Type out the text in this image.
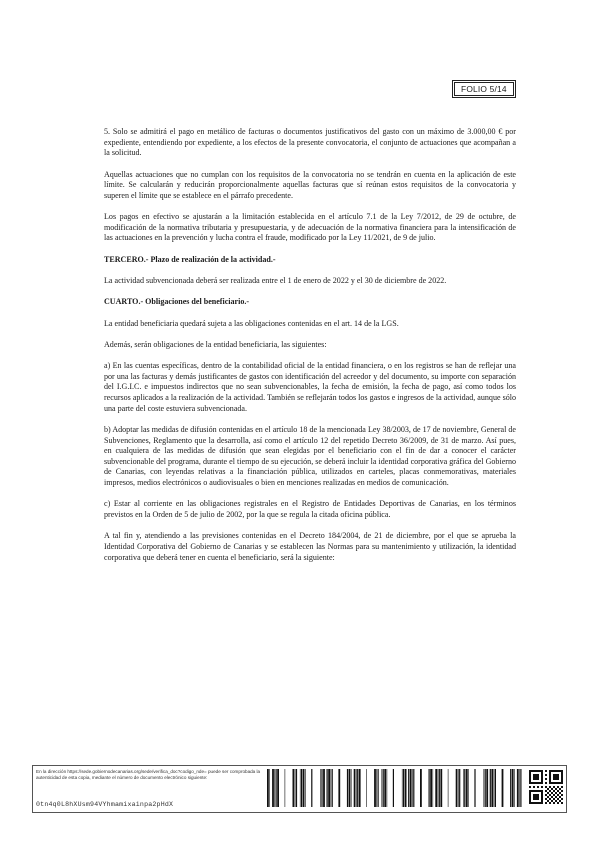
FOLIO 5/14

5. Solo se admitirá el pago en metálico de facturas o documentos justificativos del gasto con un máximo de 3.000,00 € por expediente, entendiendo por expediente, a los efectos de la presente convocatoria, el conjunto de actuaciones que acompañan a la solicitud.

Aquellas actuaciones que no cumplan con los requisitos de la convocatoria no se tendrán en cuenta en la aplicación de este límite. Se calcularán y reducirán proporcionalmente aquellas facturas que sí reúnan estos requisitos de la convocatoria y superen el límite que se establece en el párrafo precedente.

Los pagos en efectivo se ajustarán a la limitación establecida en el artículo 7.1 de la Ley 7/2012, de 29 de octubre, de modificación de la normativa tributaria y presupuestaria, y de adecuación de la normativa financiera para la intensificación de las actuaciones en la prevención y lucha contra el fraude, modificado por la Ley 11/2021, de 9 de julio.

TERCERO.- Plazo de realización de la actividad.-

La actividad subvencionada deberá ser realizada entre el 1 de enero de 2022 y el 30 de diciembre de 2022.

CUARTO.- Obligaciones del beneficiario.-

La entidad beneficiaria quedará sujeta a las obligaciones contenidas en el art. 14 de la LGS.

Además, serán obligaciones de la entidad beneficiaria, las siguientes:

a) En las cuentas específicas, dentro de la contabilidad oficial de la entidad financiera, o en los registros se han de reflejar una por una las facturas y demás justificantes de gastos con identificación del acreedor y del documento, su importe con separación del I.G.I.C. e impuestos indirectos que no sean subvencionables, la fecha de emisión, la fecha de pago, así como todos los recursos aplicados a la realización de la actividad. También se reflejarán todos los gastos e ingresos de la actividad, aunque sólo una parte del coste estuviera subvencionada.

b) Adoptar las medidas de difusión contenidas en el artículo 18 de la mencionada Ley 38/2003, de 17 de noviembre, General de Subvenciones, Reglamento que la desarrolla, así como el artículo 12 del repetido Decreto 36/2009, de 31 de marzo. Así pues, en cualquiera de las medidas de difusión que sean elegidas por el beneficiario con el fin de dar a conocer el carácter subvencionable del programa, durante el tiempo de su ejecución, se deberá incluir la identidad corporativa gráfica del Gobierno de Canarias, con leyendas relativas a la financiación pública, utilizados en carteles, placas conmemorativas, materiales impresos, medios electrónicos o audiovisuales o bien en menciones realizadas en medios de comunicación.

c) Estar al corriente en las obligaciones registrales en el Registro de Entidades Deportivas de Canarias, en los términos previstos en la Orden de 5 de julio de 2002, por la que se regula la citada oficina pública.

A tal fin y, atendiendo a las previsiones contenidas en el Decreto 184/2004, de 21 de diciembre, por el que se aprueba la Identidad Corporativa del Gobierno de Canarias y se establecen las Normas para su mantenimiento y utilización, la identidad corporativa que deberá tener en cuenta el beneficiario, será la siguiente:

En la dirección https://sede.gobiernodecanarias.org/sede/verifica_doc?codigo_nde= puede ser comprobada la autenticidad de esta copia, mediante el número de documento electrónico siguiente:
0tn4q0L8hXUsm94VYhmamixainpa2pHdX
